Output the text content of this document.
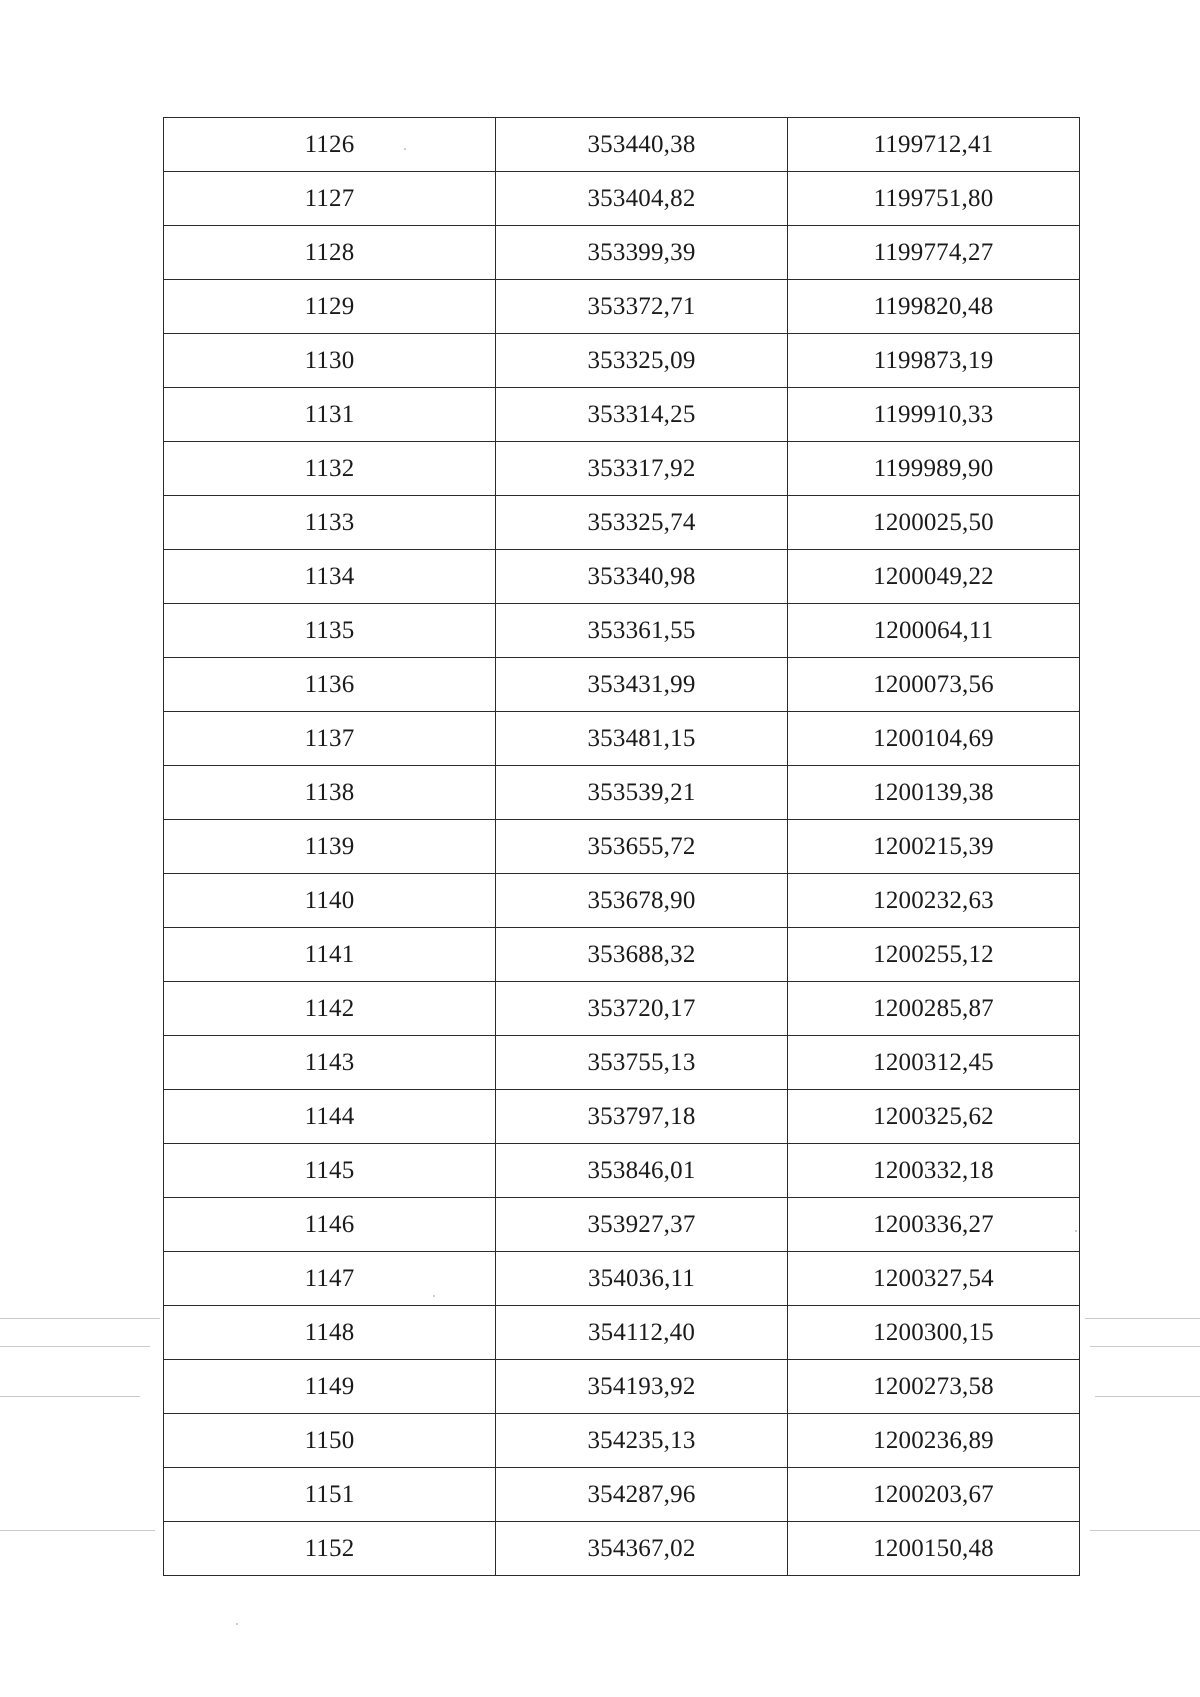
1126	353440,38	1199712,41
1127	353404,82	1199751,80
1128	353399,39	1199774,27
1129	353372,71	1199820,48
1130	353325,09	1199873,19
1131	353314,25	1199910,33
1132	353317,92	1199989,90
1133	353325,74	1200025,50
1134	353340,98	1200049,22
1135	353361,55	1200064,11
1136	353431,99	1200073,56
1137	353481,15	1200104,69
1138	353539,21	1200139,38
1139	353655,72	1200215,39
1140	353678,90	1200232,63
1141	353688,32	1200255,12
1142	353720,17	1200285,87
1143	353755,13	1200312,45
1144	353797,18	1200325,62
1145	353846,01	1200332,18
1146	353927,37	1200336,27
1147	354036,11	1200327,54
1148	354112,40	1200300,15
1149	354193,92	1200273,58
1150	354235,13	1200236,89
1151	354287,96	1200203,67
1152	354367,02	1200150,48
